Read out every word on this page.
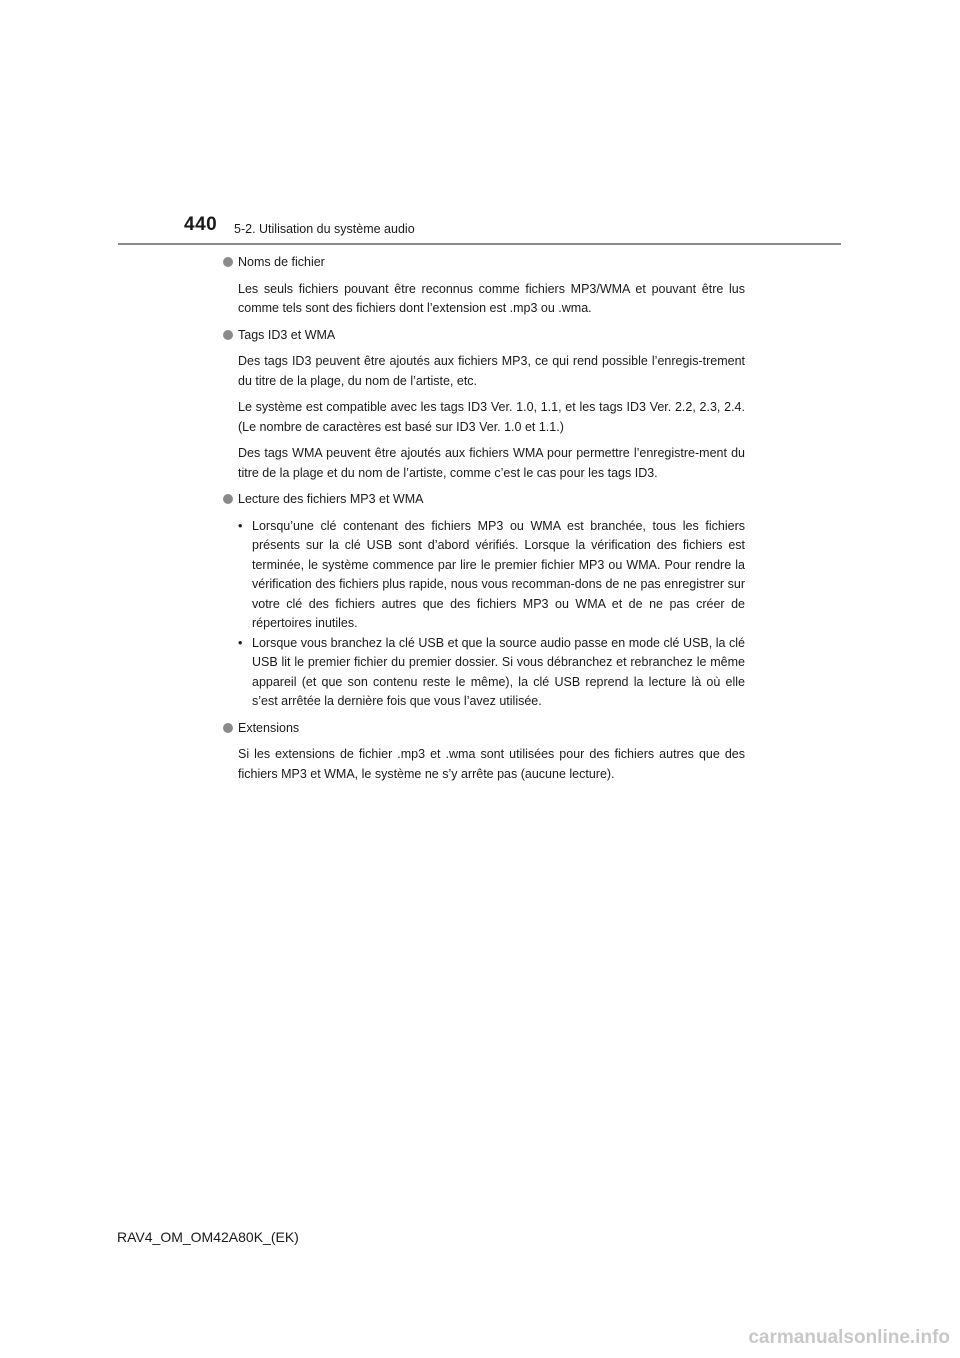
440 5-2. Utilisation du système audio
Noms de fichier

Les seuls fichiers pouvant être reconnus comme fichiers MP3/WMA et pouvant être lus comme tels sont des fichiers dont l’extension est .mp3 ou .wma.

Tags ID3 et WMA

Des tags ID3 peuvent être ajoutés aux fichiers MP3, ce qui rend possible l’enregis-trement du titre de la plage, du nom de l’artiste, etc.

Le système est compatible avec les tags ID3 Ver. 1.0, 1.1, et les tags ID3 Ver. 2.2, 2.3, 2.4. (Le nombre de caractères est basé sur ID3 Ver. 1.0 et 1.1.)

Des tags WMA peuvent être ajoutés aux fichiers WMA pour permettre l’enregistre-ment du titre de la plage et du nom de l’artiste, comme c’est le cas pour les tags ID3.

Lecture des fichiers MP3 et WMA
• Lorsqu’une clé contenant des fichiers MP3 ou WMA est branchée, tous les fichiers présents sur la clé USB sont d’abord vérifiés. Lorsque la vérification des fichiers est terminée, le système commence par lire le premier fichier MP3 ou WMA. Pour rendre la vérification des fichiers plus rapide, nous vous recomman-dons de ne pas enregistrer sur votre clé des fichiers autres que des fichiers MP3 ou WMA et de ne pas créer de répertoires inutiles.
• Lorsque vous branchez la clé USB et que la source audio passe en mode clé USB, la clé USB lit le premier fichier du premier dossier. Si vous débranchez et rebranchez le même appareil (et que son contenu reste le même), la clé USB reprend la lecture là où elle s’est arrêtée la dernière fois que vous l’avez utilisée.
Extensions

Si les extensions de fichier .mp3 et .wma sont utilisées pour des fichiers autres que des fichiers MP3 et WMA, le système ne s’y arrête pas (aucune lecture).

RAV4_OM_OM42A80K_(EK)
carmanualsonline.info
